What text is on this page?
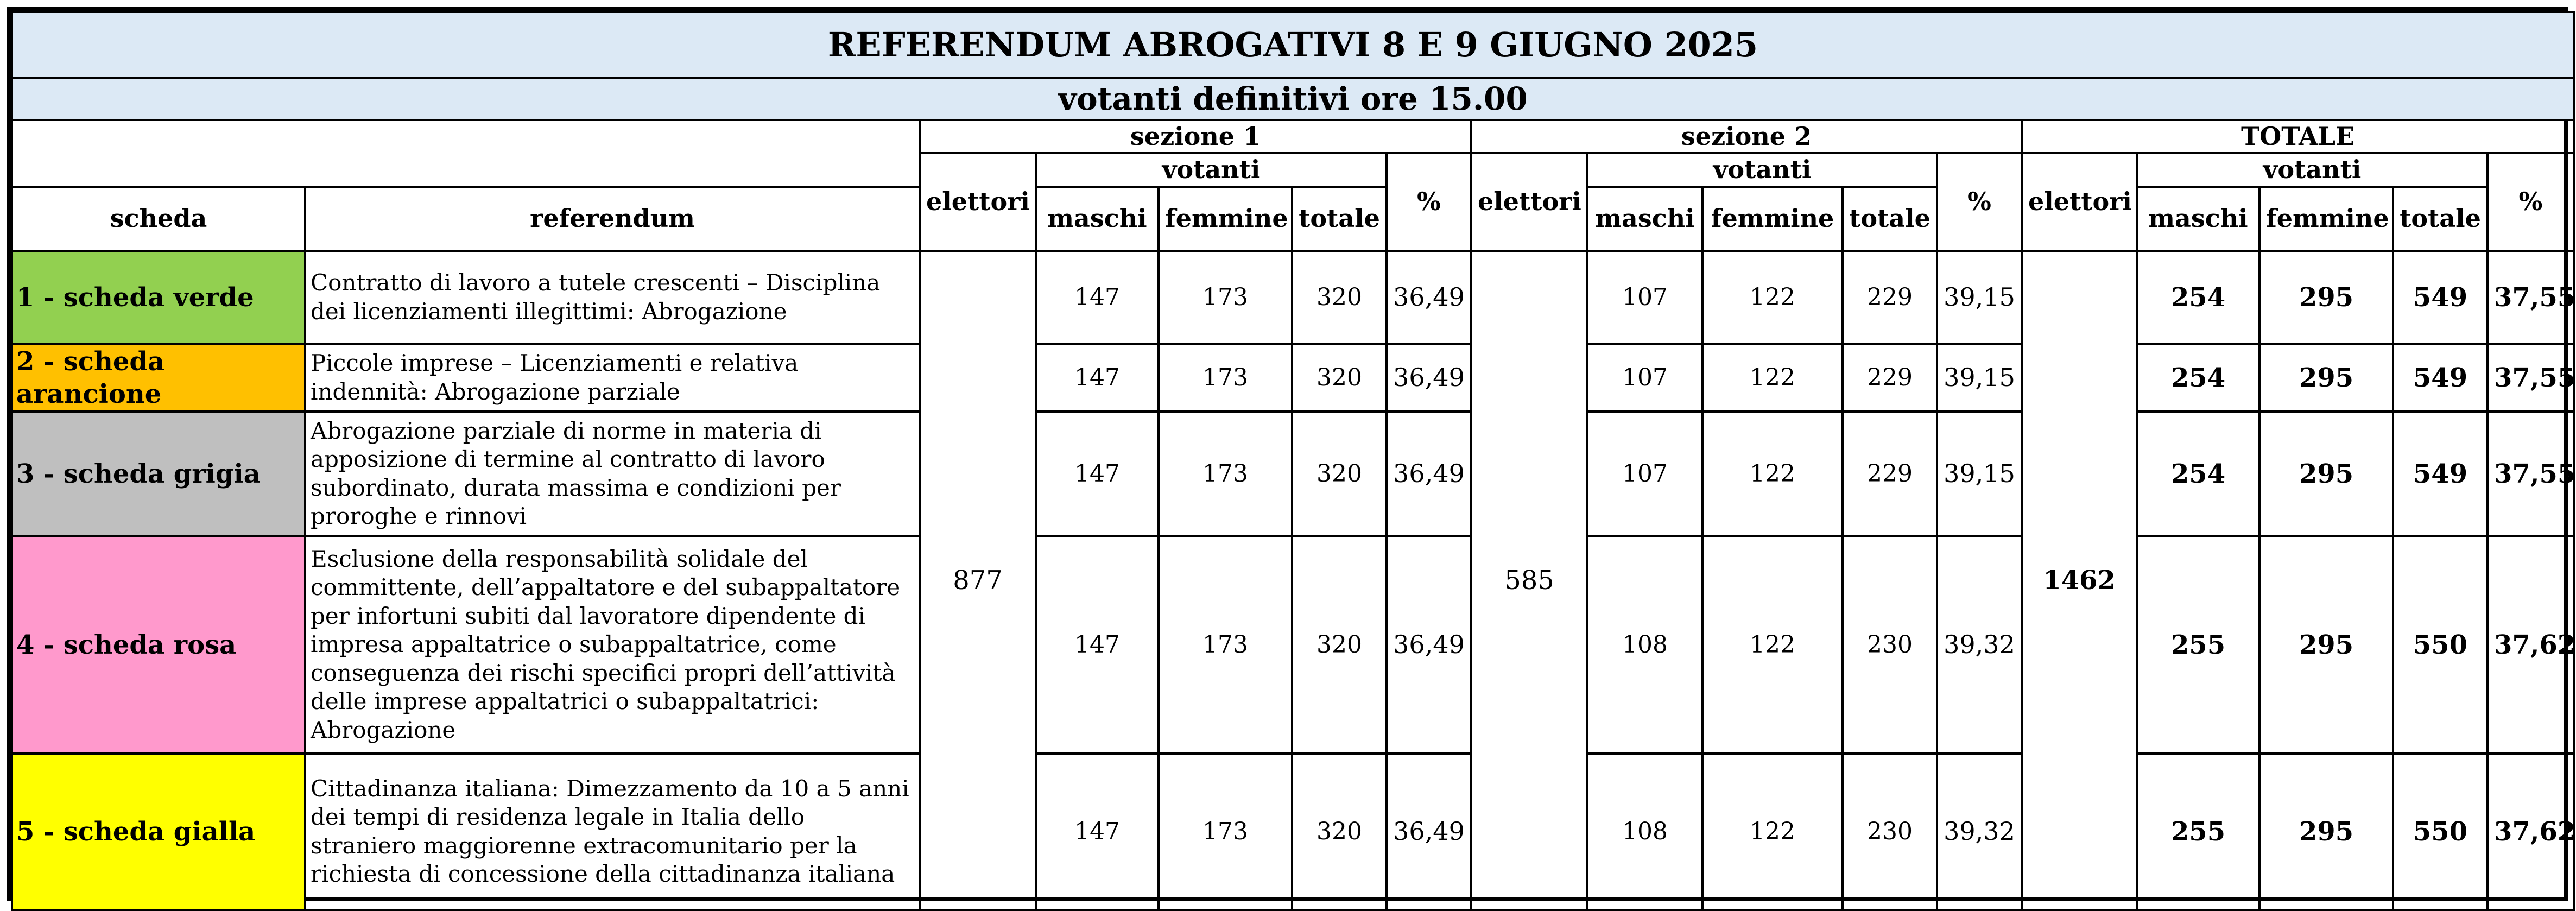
REFERENDUM ABROGATIVI 8 E 9 GIUGNO 2025																
votanti definitivi ore 15.00																
		sezione 1					sezione 2					TOTALE				
		elettori	votanti			%	elettori	votanti			%	elettori	votanti			%
scheda	referendum		maschi	femmine	totale			maschi	femmine	totale			maschi	femmine	totale	
1 - scheda verde	Contratto di lavoro a tutele crescenti – Disciplina dei licenziamenti illegittimi: Abrogazione	877	147	173	320	36,49	585	107	122	229	39,15	1462	254	295	549	37,55
2 - scheda arancione	Piccole imprese – Licenziamenti e relativa indennità: Abrogazione parziale		147	173	320	36,49		107	122	229	39,15		254	295	549	37,55
3 - scheda grigia	Abrogazione parziale di norme in materia di apposizione di termine al contratto di lavoro subordinato, durata massima e condizioni per proroghe e rinnovi		147	173	320	36,49		107	122	229	39,15		254	295	549	37,55
4 - scheda rosa	Esclusione della responsabilità solidale del committente, dell’appaltatore e del subappaltatore per infortuni subiti dal lavoratore dipendente di impresa appaltatrice o subappaltatrice, come conseguenza dei rischi specifici propri dell’attività delle imprese appaltatrici o subappaltatrici: Abrogazione		147	173	320	36,49		108	122	230	39,32		255	295	550	37,62
5 - scheda gialla	Cittadinanza italiana: Dimezzamento da 10 a 5 anni dei tempi di residenza legale in Italia dello straniero maggiorenne extracomunitario per la richiesta di concessione della cittadinanza italiana		147	173	320	36,49		108	122	230	39,32		255	295	550	37,62
